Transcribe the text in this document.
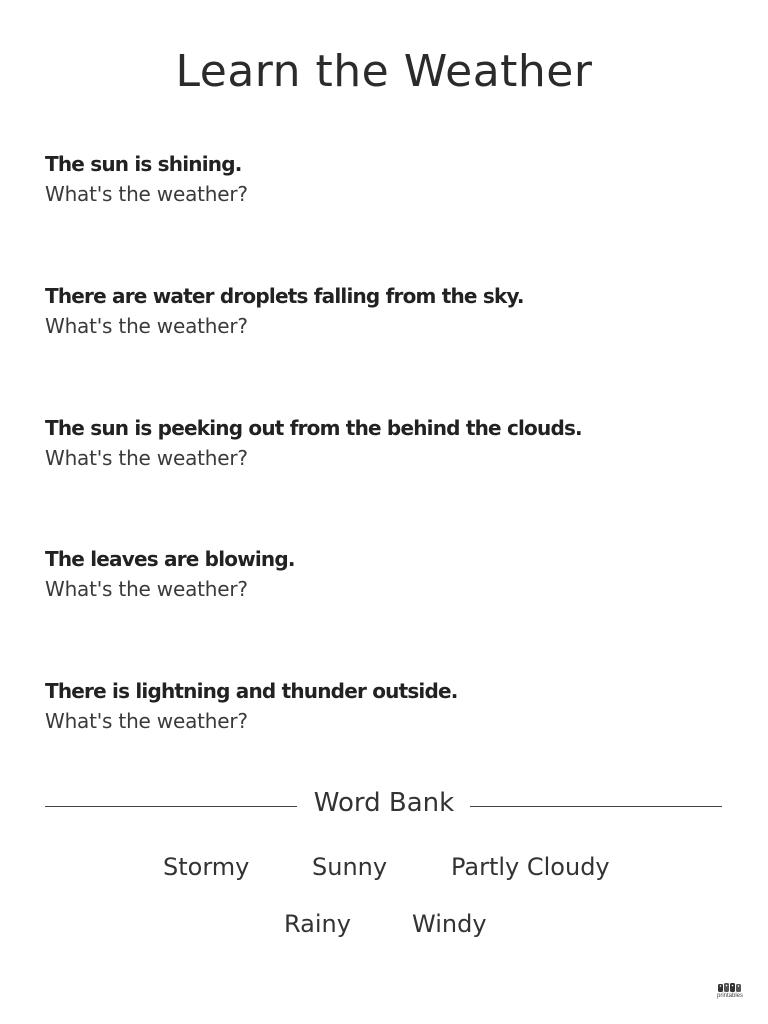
Learn the Weather
The sun is shining.
What's the weather?
There are water droplets falling from the sky.
What's the weather?
The sun is peeking out from the behind the clouds.
What's the weather?
The leaves are blowing.
What's the weather?
There is lightning and thunder outside.
What's the weather?
Word Bank
Stormy	Sunny	Partly Cloudy
Rainy	Windy
printables
